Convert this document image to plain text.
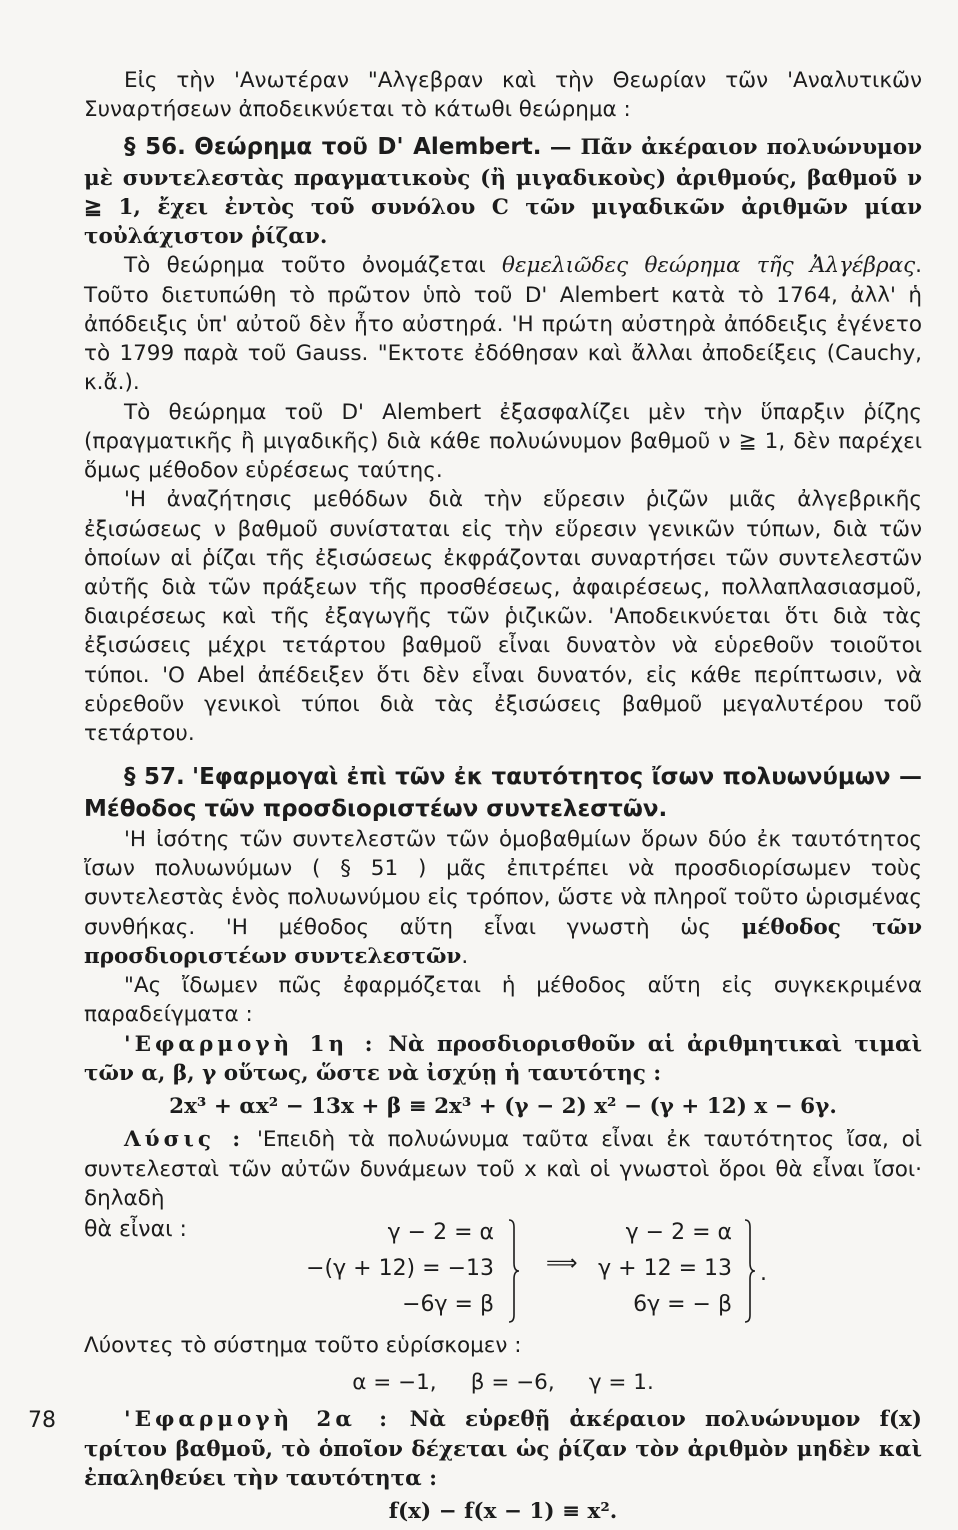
Εἰς τὴν 'Ανωτέραν "Αλγεβραν καὶ τὴν Θεωρίαν τῶν 'Αναλυτικῶν Συναρτήσεων ἀποδεικνύεται τὸ κάτωθι θεώρημα :

§ 56. Θεώρημα τοῦ D' Alembert. — Πᾶν ἀκέραιον πολυώνυμον μὲ συντελεστὰς πραγματικοὺς (ἢ μιγαδικοὺς) ἀριθμούς, βαθμοῦ ν ≧ 1, ἔχει ἐντὸς τοῦ συνόλου C τῶν μιγαδικῶν ἀριθμῶν μίαν τοὐλάχιστον ῥίζαν.

Τὸ θεώρημα τοῦτο ὀνομάζεται θεμελιῶδες θεώρημα τῆς Ἀλγέβρας. Τοῦτο διετυπώθη τὸ πρῶτον ὑπὸ τοῦ D' Alembert κατὰ τὸ 1764, ἀλλ' ἡ ἀπόδειξις ὑπ' αὐτοῦ δὲν ἦτο αὐστηρά. 'Η πρώτη αὐστηρὰ ἀπόδειξις ἐγένετο τὸ 1799 παρὰ τοῦ Gauss. "Εκτοτε ἐδόθησαν καὶ ἄλλαι ἀποδείξεις (Cauchy, κ.ἄ.).

Τὸ θεώρημα τοῦ D' Alembert ἐξασφαλίζει μὲν τὴν ὕπαρξιν ῥίζης (πραγματικῆς ἢ μιγαδικῆς) διὰ κάθε πολυώνυμον βαθμοῦ ν ≧ 1, δὲν παρέχει ὅμως μέθοδον εὑρέσεως ταύτης.

'Η ἀναζήτησις μεθόδων διὰ τὴν εὕρεσιν ῥιζῶν μιᾶς ἀλγεβρικῆς ἐξισώσεως ν βαθμοῦ συνίσταται εἰς τὴν εὕρεσιν γενικῶν τύπων, διὰ τῶν ὁποίων αἱ ῥίζαι τῆς ἐξισώσεως ἐκφράζονται συναρτήσει τῶν συντελεστῶν αὐτῆς διὰ τῶν πράξεων τῆς προσθέσεως, ἀφαιρέσεως, πολλαπλασιασμοῦ, διαιρέσεως καὶ τῆς ἐξαγωγῆς τῶν ῥιζικῶν. 'Αποδεικνύεται ὅτι διὰ τὰς ἐξισώσεις μέχρι τετάρτου βαθμοῦ εἶναι δυνατὸν νὰ εὑρεθοῦν τοιοῦτοι τύποι. 'Ο Abel ἀπέδειξεν ὅτι δὲν εἶναι δυνατόν, εἰς κάθε περίπτωσιν, νὰ εὑρεθοῦν γενικοὶ τύποι διὰ τὰς ἐξισώσεις βαθμοῦ μεγαλυτέρου τοῦ τετάρτου.

§ 57. 'Εφαρμογαὶ ἐπὶ τῶν ἐκ ταυτότητος ἴσων πολυωνύμων — Μέθοδος τῶν προσδιοριστέων συντελεστῶν.

'Η ἰσότης τῶν συντελεστῶν τῶν ὁμοβαθμίων ὅρων δύο ἐκ ταυτότητος ἴσων πολυωνύμων ( § 51 ) μᾶς ἐπιτρέπει νὰ προσδιορίσωμεν τοὺς συντελεστὰς ἑνὸς πολυωνύμου εἰς τρόπον, ὥστε νὰ πληροῖ τοῦτο ὡρισμένας συνθήκας. 'Η μέθοδος αὕτη εἶναι γνωστὴ ὡς μέθοδος τῶν προσδιοριστέων συντελεστῶν.

"Ας ἴδωμεν πῶς ἐφαρμόζεται ἡ μέθοδος αὕτη εἰς συγκεκριμένα παραδείγματα :

'Εφαρμογὴ 1η : Νὰ προσδιορισθοῦν αἱ ἀριθμητικαὶ τιμαὶ τῶν α, β, γ οὕτως, ὥστε νὰ ἰσχύῃ ἡ ταυτότης :

2x³ + αx² − 13x + β ≡ 2x³ + (γ − 2) x² − (γ + 12) x − 6γ.

Λύσις : 'Επειδὴ τὰ πολυώνυμα ταῦτα εἶναι ἐκ ταυτότητος ἴσα, οἱ συντελεσταὶ τῶν αὐτῶν δυνάμεων τοῦ x καὶ οἱ γνωστοὶ ὅροι θὰ εἶναι ἴσοι· δηλαδὴ

θὰ εἶναι :	γ − 2 = α
−(γ + 12) = −13
−6γ = β
⟹
γ − 2 = α
γ + 12 = 13
6γ = − β
.

Λύοντες τὸ σύστημα τοῦτο εὑρίσκομεν :

α = −1,     β = −6,     γ = 1.

'Εφαρμογὴ 2α : Νὰ εὑρεθῇ ἀκέραιον πολυώνυμον f(x) τρίτου βαθμοῦ, τὸ ὁποῖον δέχεται ὡς ῥίζαν τὸν ἀριθμὸν μηδὲν καὶ ἐπαληθεύει τὴν ταυτότητα :

f(x) − f(x − 1) ≡ x².

78
